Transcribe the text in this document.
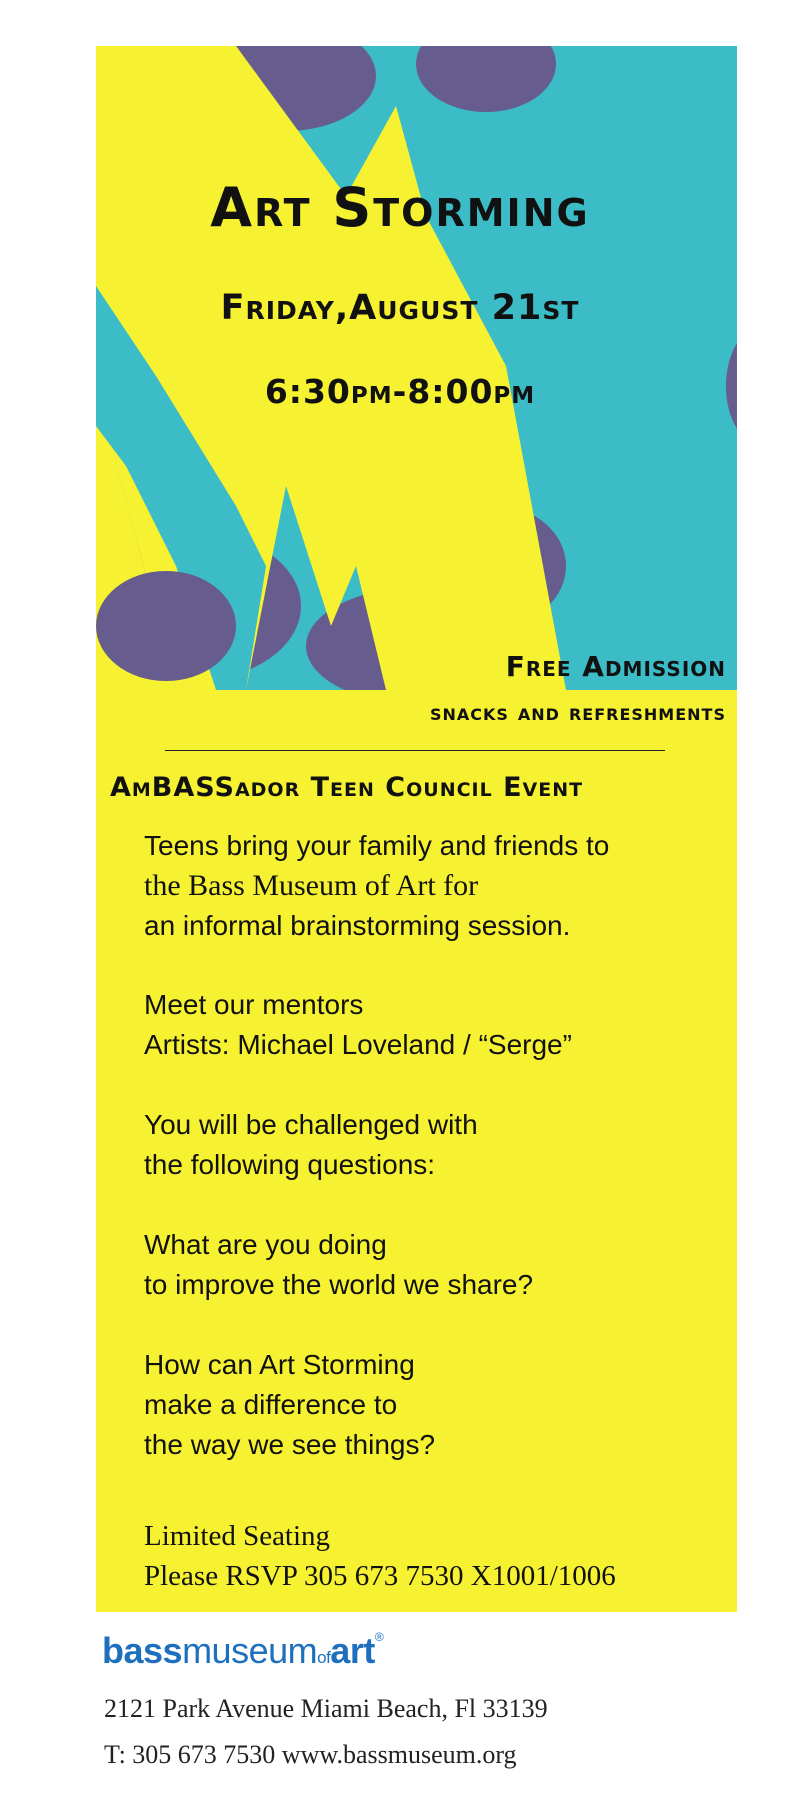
Art Storming
Friday,August 21st
6:30pm-8:00pm

Free Admission

snacks and refreshments

AmBASSador Teen Council Event

Teens bring your family and friends to
the Bass Museum of Art for
an informal brainstorming session.
Meet our mentors
Artists: Michael Loveland / “Serge”
You will be challenged with
the following questions:
What are you doing
to improve the world we share?
How can Art Storming
make a difference to
the way we see things?
Limited Seating
Please RSVP 305 673 7530 X1001/1006

bassmuseumofart®

2121 Park Avenue Miami Beach, Fl 33139

T: 305 673 7530 www.bassmuseum.org
